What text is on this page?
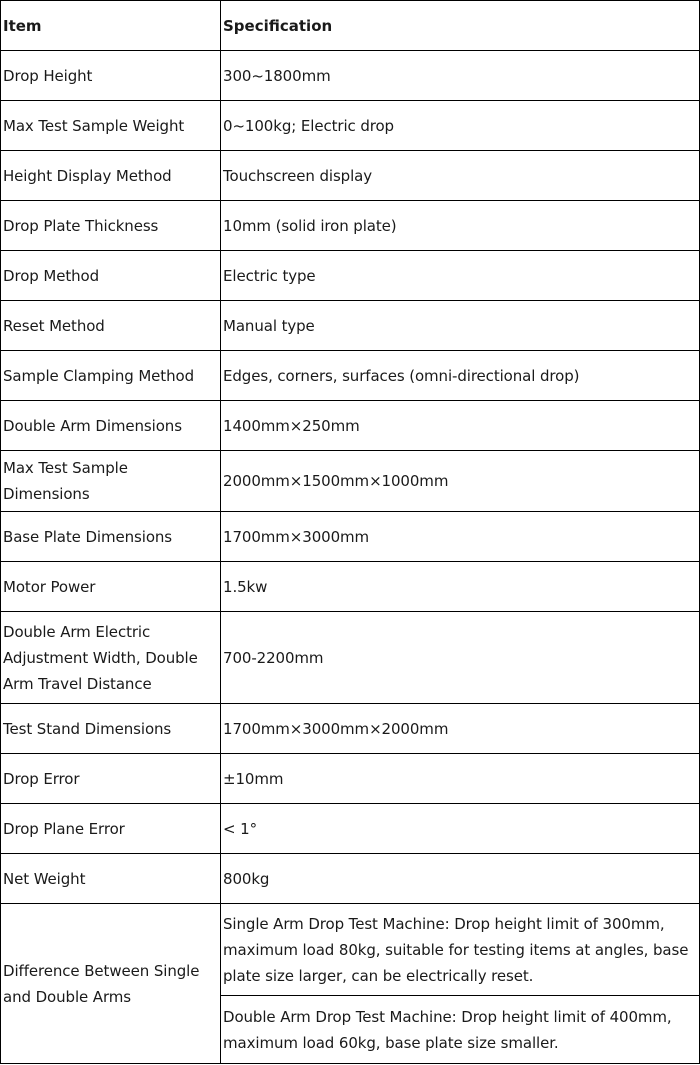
Item	Specification
Drop Height	300~1800mm
Max Test Sample Weight	0~100kg; Electric drop
Height Display Method	Touchscreen display
Drop Plate Thickness	10mm (solid iron plate)
Drop Method	Electric type
Reset Method	Manual type
Sample Clamping Method	Edges, corners, surfaces (omni-directional drop)
Double Arm Dimensions	1400mm×250mm
Max Test Sample Dimensions	2000mm×1500mm×1000mm
Base Plate Dimensions	1700mm×3000mm
Motor Power	1.5kw
Double Arm Electric Adjustment Width, Double Arm Travel Distance	700-2200mm
Test Stand Dimensions	1700mm×3000mm×2000mm
Drop Error	±10mm
Drop Plane Error	< 1°
Net Weight	800kg
Difference Between Single and Double Arms	Single Arm Drop Test Machine: Drop height limit of 300mm, maximum load 80kg, suitable for testing items at angles, base plate size larger, can be electrically reset.
	Double Arm Drop Test Machine: Drop height limit of 400mm, maximum load 60kg, base plate size smaller.
